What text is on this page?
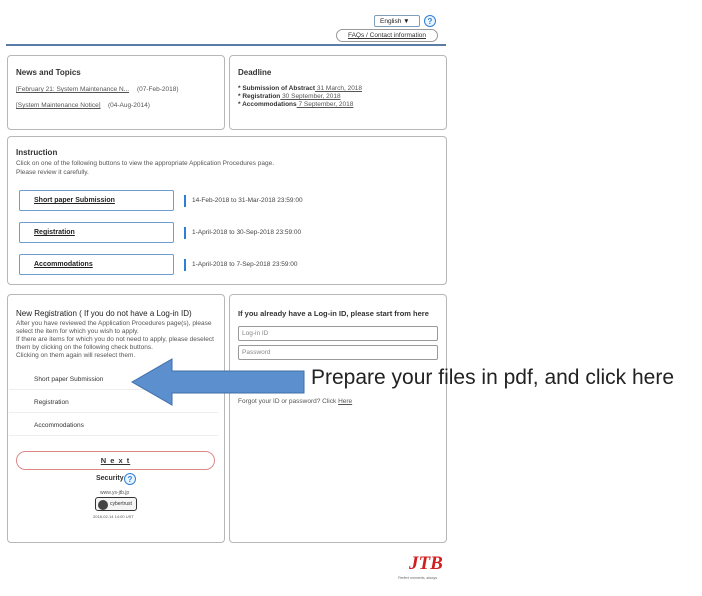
English ▼	?
FAQs / Contact information
News and Topics
[February 21: System Maintenance N... (07-Feb-2018)
[System Maintenance Notice] (04-Aug-2014)
Deadline
* Submission of Abstract 31 March, 2018
* Registration 30 September, 2018
* Accommodations 7 September, 2018
Instruction
Click on one of the following buttons to view the appropriate Application Procedures page.
Please review it carefully.
Short paper Submission	14-Feb-2018 to 31-Mar-2018 23:59:00
Registration	1-April-2018 to 30-Sep-2018 23:59:00
Accommodations	1-April-2018 to 7-Sep-2018 23:59:00
New Registration ( If you do not have a Log-in ID)
After you have reviewed the Application Procedures page(s), please
select the item for which you wish to apply.
If there are items for which you do not need to apply, please deselect
them by clicking on the following check buttons.
Clicking on them again will reselect them.
Short paper Submission
Registration
Accommodations
N e x t
Security ?
www.ys-jtb.jp
cybertrust
2018-02-14 14:00 UST
If you already have a Log-in ID, please start from here
Log-in ID
Password
Forgot your ID or password? Click Here
Prepare your files in pdf, and click here
JTB
Perfect moments, always
